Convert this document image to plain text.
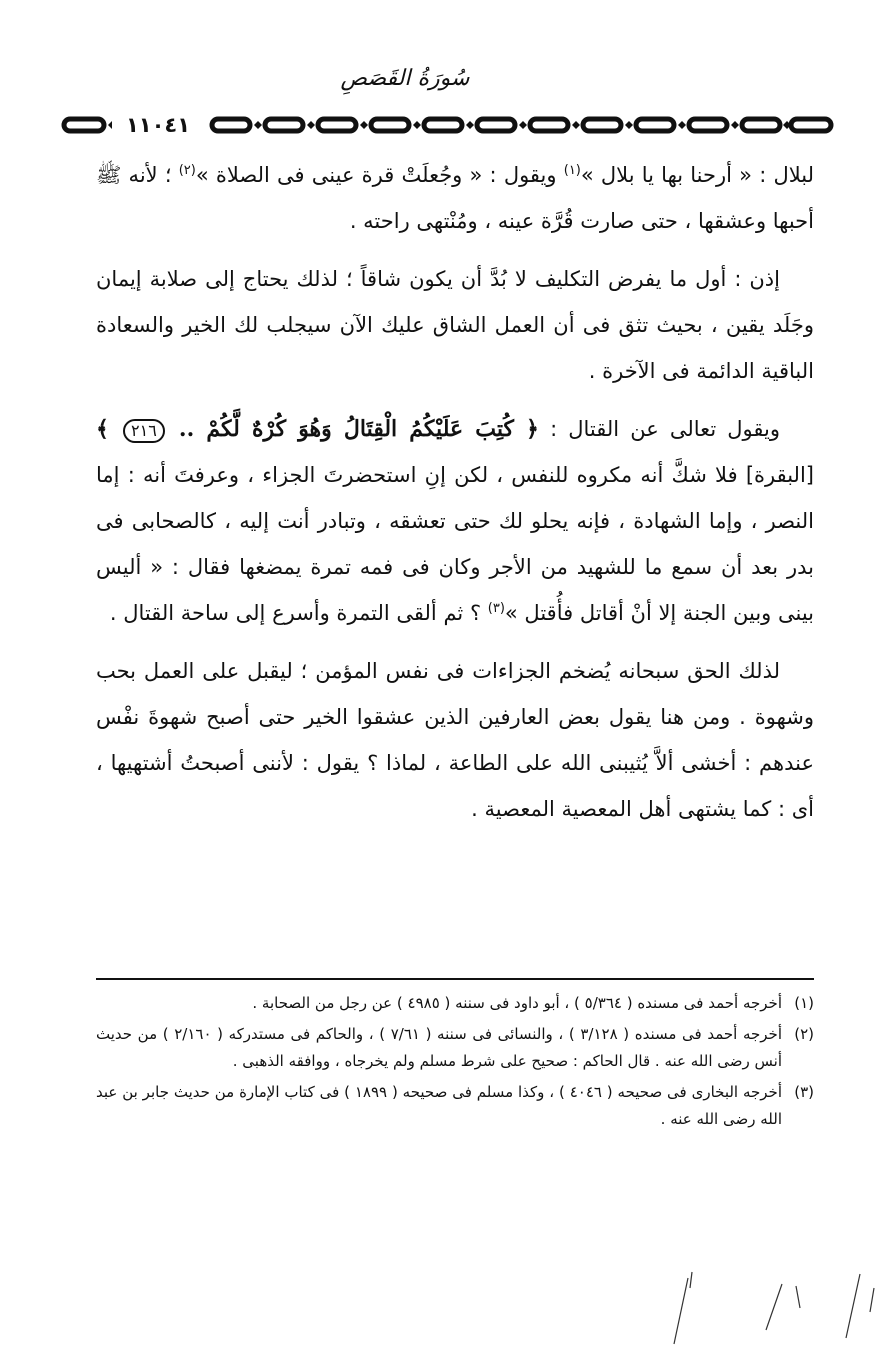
سُورَةُ القَصَصِ
١١٠٤١

لبلال : « أرحنا بها يا بلال »$^{(١)}$ ويقول : « وجُعلَتْ قرة عينى فى الصلاة »$^{(٢)}$ ؛ لأنه ﷺ أحبها وعشقها ، حتى صارت قُرَّة عينه ، ومُنْتهى راحته .

إذن : أول ما يفرض التكليف لا بُدَّ أن يكون شاقاً ؛ لذلك يحتاج إلى صلابة إيمان وجَلَد يقين ، بحيث تثق فى أن العمل الشاق عليك الآن سيجلب لك الخير والسعادة الباقية الدائمة فى الآخرة .

ويقول تعالى عن القتال : ﴿ كُتِبَ عَلَيْكُمُ الْقِتَالُ وَهُوَ كُرْهٌ لَّكُمْ .. ٢١٦ ﴾ [البقرة] فلا شكَّ أنه مكروه للنفس ، لكن إنِ استحضرتَ الجزاء ، وعرفتَ أنه : إما النصر ، وإما الشهادة ، فإنه يحلو لك حتى تعشقه ، وتبادر أنت إليه ، كالصحابى فى بدر بعد أن سمع ما للشهيد من الأجر وكان فى فمه تمرة يمضغها فقال : « أليس بينى وبين الجنة إلا أنْ أقاتل فأُقتل »$^{(٣)}$ ؟ ثم ألقى التمرة وأسرع إلى ساحة القتال .

لذلك الحق سبحانه يُضخم الجزاءات فى نفس المؤمن ؛ ليقبل على العمل بحب وشهوة . ومن هنا يقول بعض العارفين الذين عشقوا الخير حتى أصبح شهوةَ نفْس عندهم : أخشى ألاَّ يُثيبنى الله على الطاعة ، لماذا ؟ يقول : لأننى أصبحتُ أشتهيها ، أى : كما يشتهى أهل المعصية المعصية .

(١)
أخرجه أحمد فى مسنده ( ٥/٣٦٤ ) ، أبو داود فى سننه ( ٤٩٨٥ ) عن رجل من الصحابة .
(٢)
أخرجه أحمد فى مسنده ( ٣/١٢٨ ) ، والنسائى فى سننه ( ٧/٦١ ) ، والحاكم فى مستدركه ( ٢/١٦٠ ) من حديث أنس رضى الله عنه . قال الحاكم : صحيح على شرط مسلم ولم يخرجاه ، ووافقه الذهبى .
(٣)
أخرجه البخارى فى صحيحه ( ٤٠٤٦ ) ، وكذا مسلم فى صحيحه ( ١٨٩٩ ) فى كتاب الإمارة من حديث جابر بن عبد الله رضى الله عنه .
